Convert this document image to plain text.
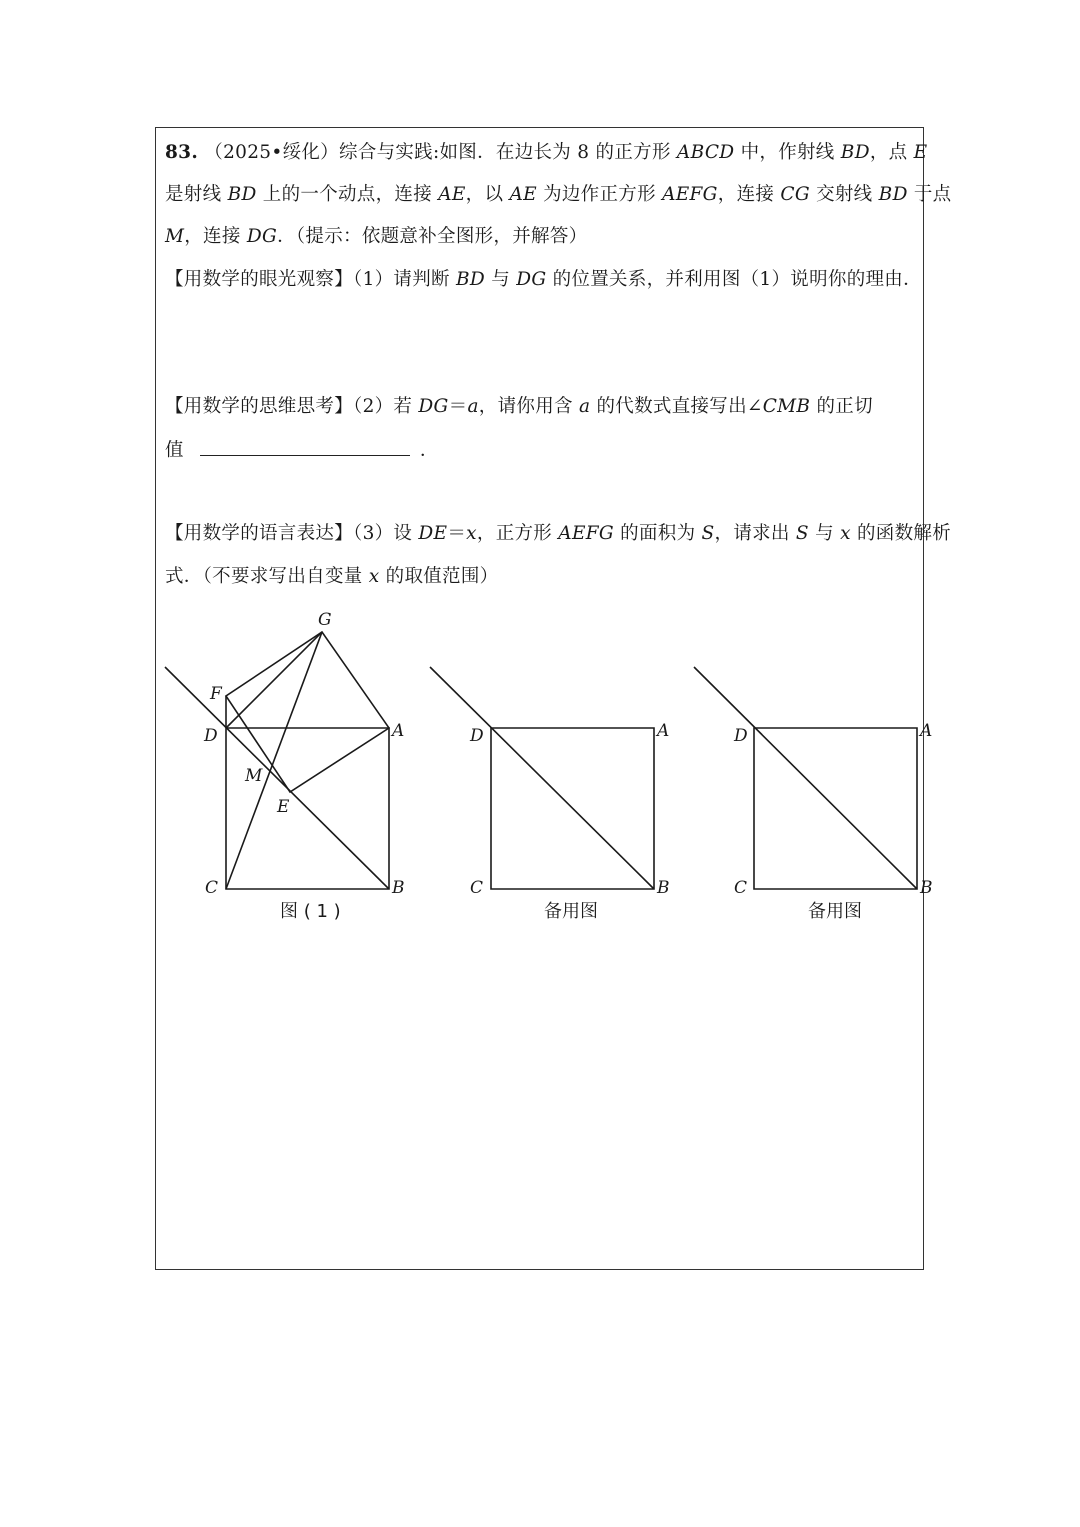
83. （2025•绥化）综合与实践:如图．在边长为 8 的正方形 ABCD 中，作射线 BD，点 E
是射线 BD 上的一个动点，连接 AE，以 AE 为边作正方形 AEFG，连接 CG 交射线 BD 于点
M，连接 DG．（提示：依题意补全图形，并解答）
【用数学的眼光观察】（1）请判断 BD 与 DG 的位置关系，并利用图（1）说明你的理由．
【用数学的思维思考】（2）若 DG＝a，请你用含 a 的代数式直接写出∠CMB 的正切
值	．
【用数学的语言表达】（3）设 DE＝x，正方形 AEFG 的面积为 S，请求出 S 与 x 的函数解析
式．（不要求写出自变量 x 的取值范围）
G
F
D	A
M
E
C	B
图 ( 1 )
D	A
C	B
备用图
D	A
C	B
备用图
